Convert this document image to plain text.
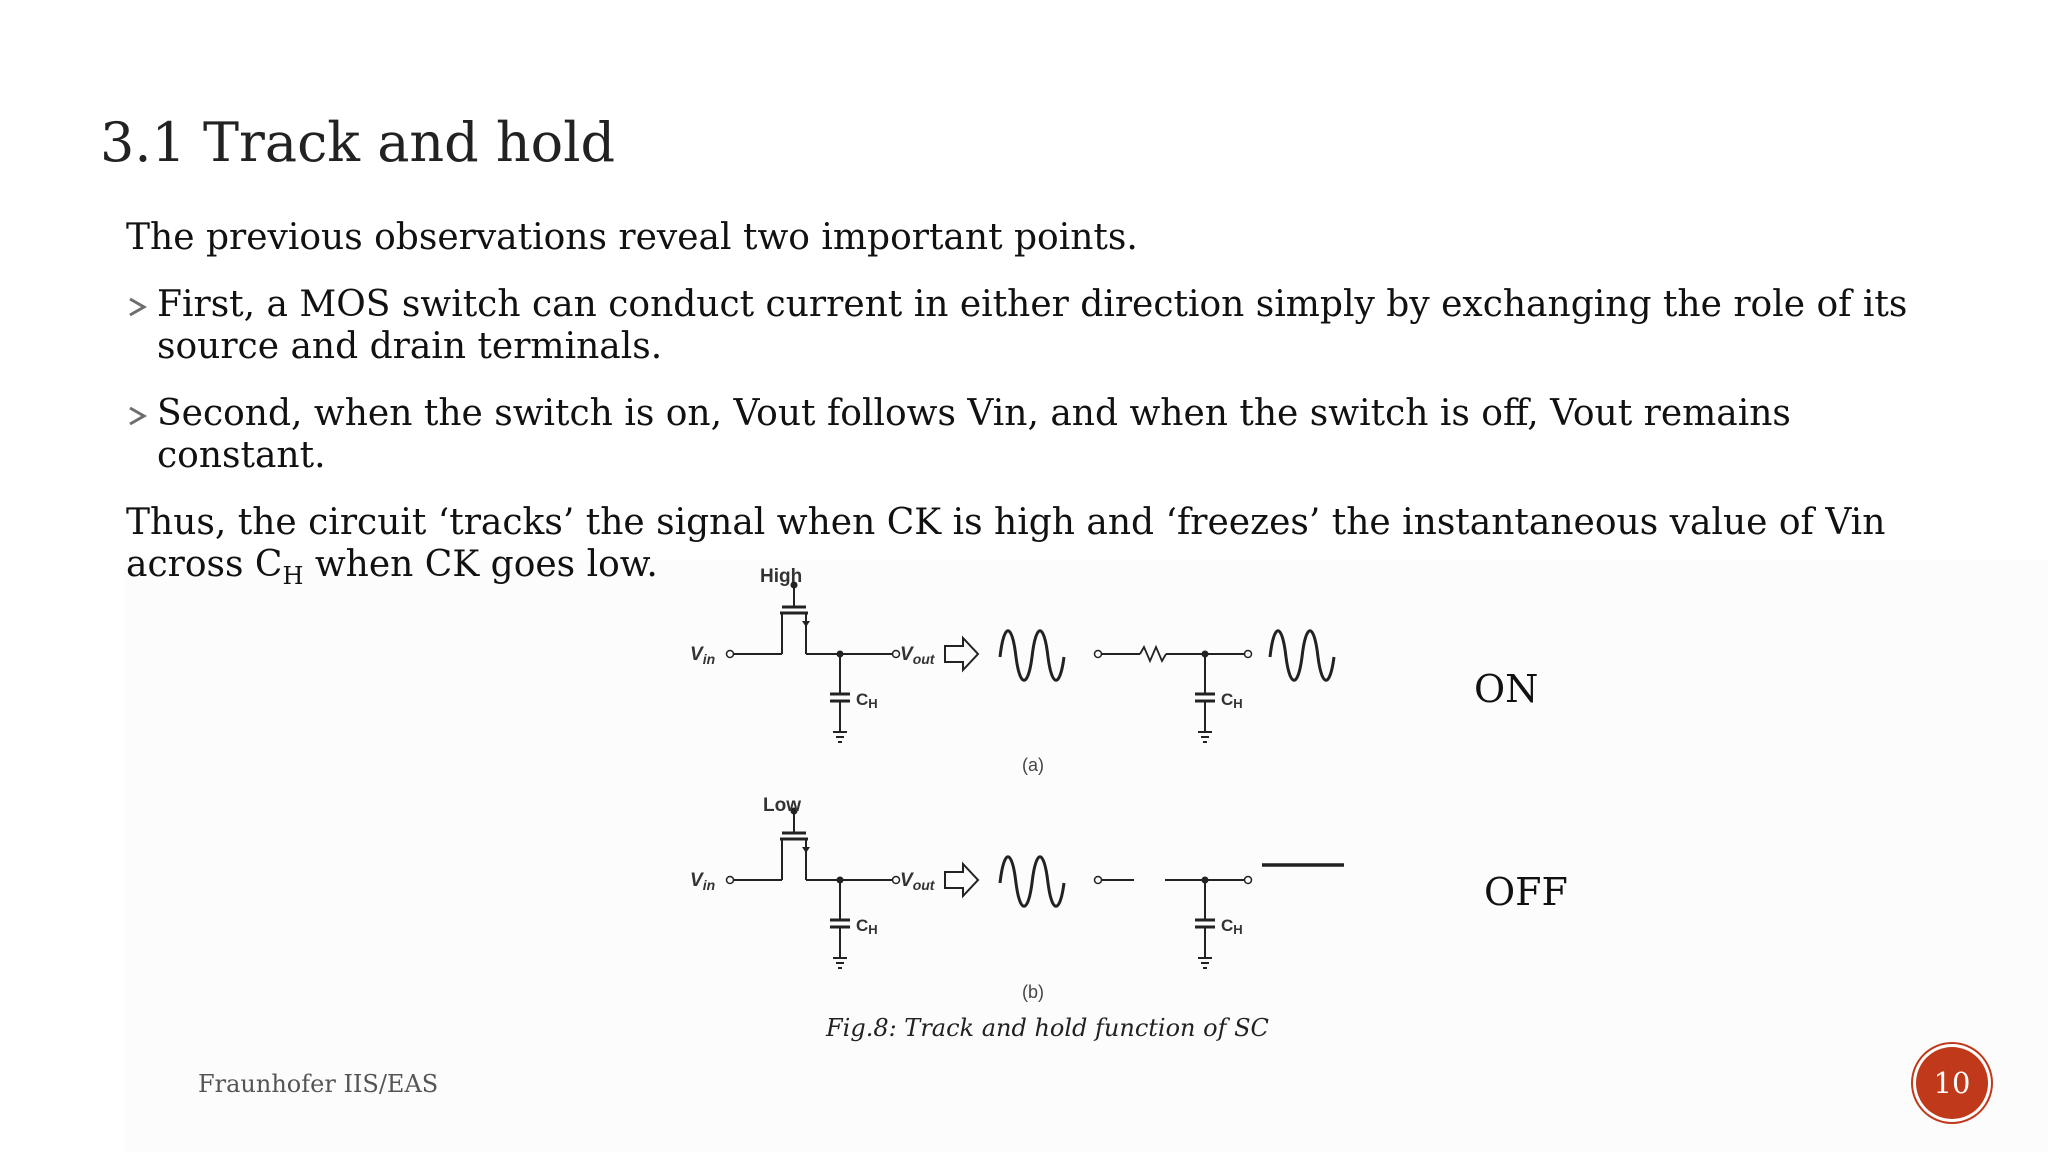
3.1 Track and hold
The previous observations reveal two important points.
First, a MOS switch can conduct current in either direction simply by exchanging the role of its source and drain terminals.
Second, when the switch is on, Vout follows Vin, and when the switch is off, Vout remains constant.
Thus, the circuit ‘tracks’ the signal when CK is high and ‘freezes’ the instantaneous value of Vin across $C_H$ when CK goes low.	High
$V_{in}$	$V_{out}$
CH	CH
(a)
Low
$V_{in}$	$V_{out}$
CH	CH
(b)
ON
OFF
Fig.8: Track and hold function of SC
Fraunhofer IIS/EAS	10
